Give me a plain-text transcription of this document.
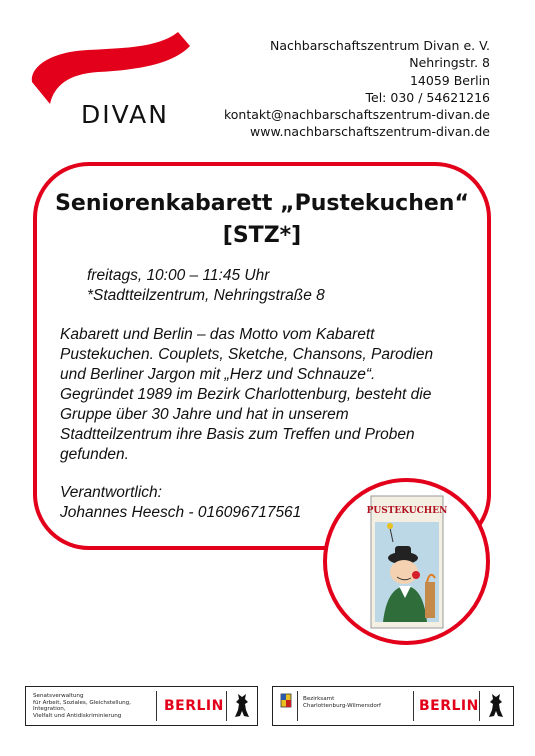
DIVAN
Nachbarschaftszentrum Divan e. V.
Nehringstr. 8
14059 Berlin
Tel: 030 / 54621216
kontakt@nachbarschaftszentrum-divan.de
www.nachbarschaftszentrum-divan.de
Seniorenkabarett „Pustekuchen“
[STZ*]
freitags, 10:00 – 11:45 Uhr
*Stadtteilzentrum, Nehringstraße 8
Kabarett und Berlin – das Motto vom Kabarett
Pustekuchen. Couplets, Sketche, Chansons, Parodien
und Berliner Jargon mit „Herz und Schnauze“.
Gegründet 1989 im Bezirk Charlottenburg, besteht die
Gruppe über 30 Jahre und hat in unserem
Stadtteilzentrum ihre Basis zum Treffen und Proben
gefunden.
Verantwortlich:
Johannes Heesch - 016096717561	PUSTEKUCHEN
Senatsverwaltung
für Arbeit, Soziales, Gleichstellung, Integration,
Vielfalt und Antidiskriminierung
BERLIN	Bezirksamt
Charlottenburg-Wilmersdorf	BERLIN
